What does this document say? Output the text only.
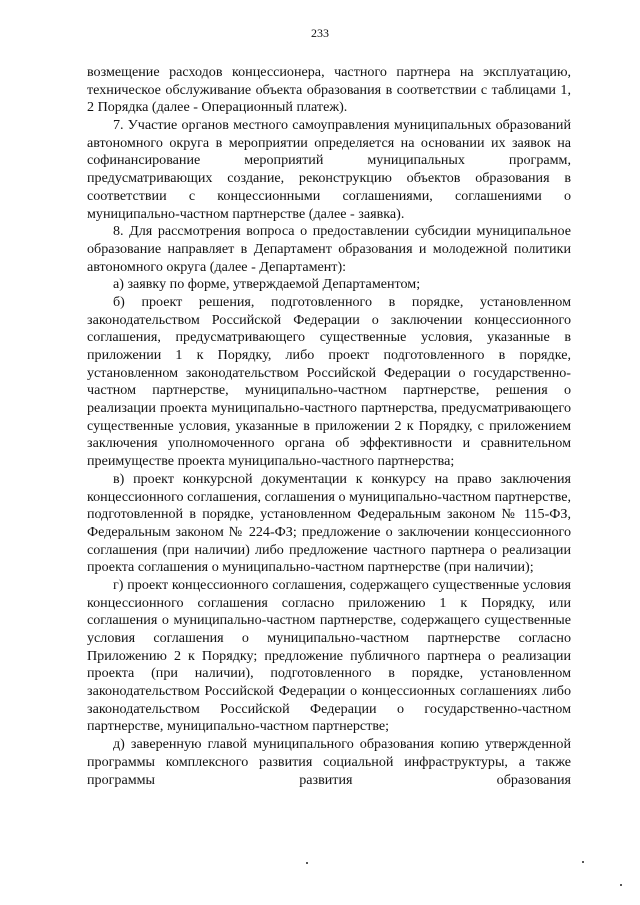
233

возмещение расходов концессионера, частного партнера на эксплуатацию, техническое обслуживание объекта образования в соответствии с таблицами 1, 2 Порядка (далее - Операционный платеж).

7. Участие органов местного самоуправления муниципальных образований автономного округа в мероприятии определяется на основании их заявок на софинансирование мероприятий муниципальных программ, предусматривающих создание, реконструкцию объектов образования в соответствии с концессионными соглашениями, соглашениями о муниципально-частном партнерстве (далее - заявка).

8. Для рассмотрения вопроса о предоставлении субсидии муниципальное образование направляет в Департамент образования и молодежной политики автономного округа (далее - Департамент):

а) заявку по форме, утверждаемой Департаментом;

б) проект решения, подготовленного в порядке, установленном законодательством Российской Федерации о заключении концессионного соглашения, предусматривающего существенные условия, указанные в приложении 1 к Порядку, либо проект подготовленного в порядке, установленном законодательством Российской Федерации о государственно-частном партнерстве, муниципально-частном партнерстве, решения о реализации проекта муниципально-частного партнерства, предусматривающего существенные условия, указанные в приложении 2 к Порядку, с приложением заключения уполномоченного органа об эффективности и сравнительном преимуществе проекта муниципально-частного партнерства;

в) проект конкурсной документации к конкурсу на право заключения концессионного соглашения, соглашения о муниципально-частном партнерстве, подготовленной в порядке, установленном Федеральным законом № 115-ФЗ, Федеральным законом № 224-ФЗ; предложение о заключении концессионного соглашения (при наличии) либо предложение частного партнера о реализации проекта соглашения о муниципально-частном партнерстве (при наличии);

г) проект концессионного соглашения, содержащего существенные условия концессионного соглашения согласно приложению 1 к Порядку, или соглашения о муниципально-частном партнерстве, содержащего существенные условия соглашения о муниципально-частном партнерстве согласно Приложению 2 к Порядку; предложение публичного партнера о реализации проекта (при наличии), подготовленного в порядке, установленном законодательством Российской Федерации о концессионных соглашениях либо законодательством Российской Федерации о государственно-частном партнерстве, муниципально-частном партнерстве;

д) заверенную главой муниципального образования копию утвержденной программы комплексного развития социальной инфраструктуры, а также программы развития образования
